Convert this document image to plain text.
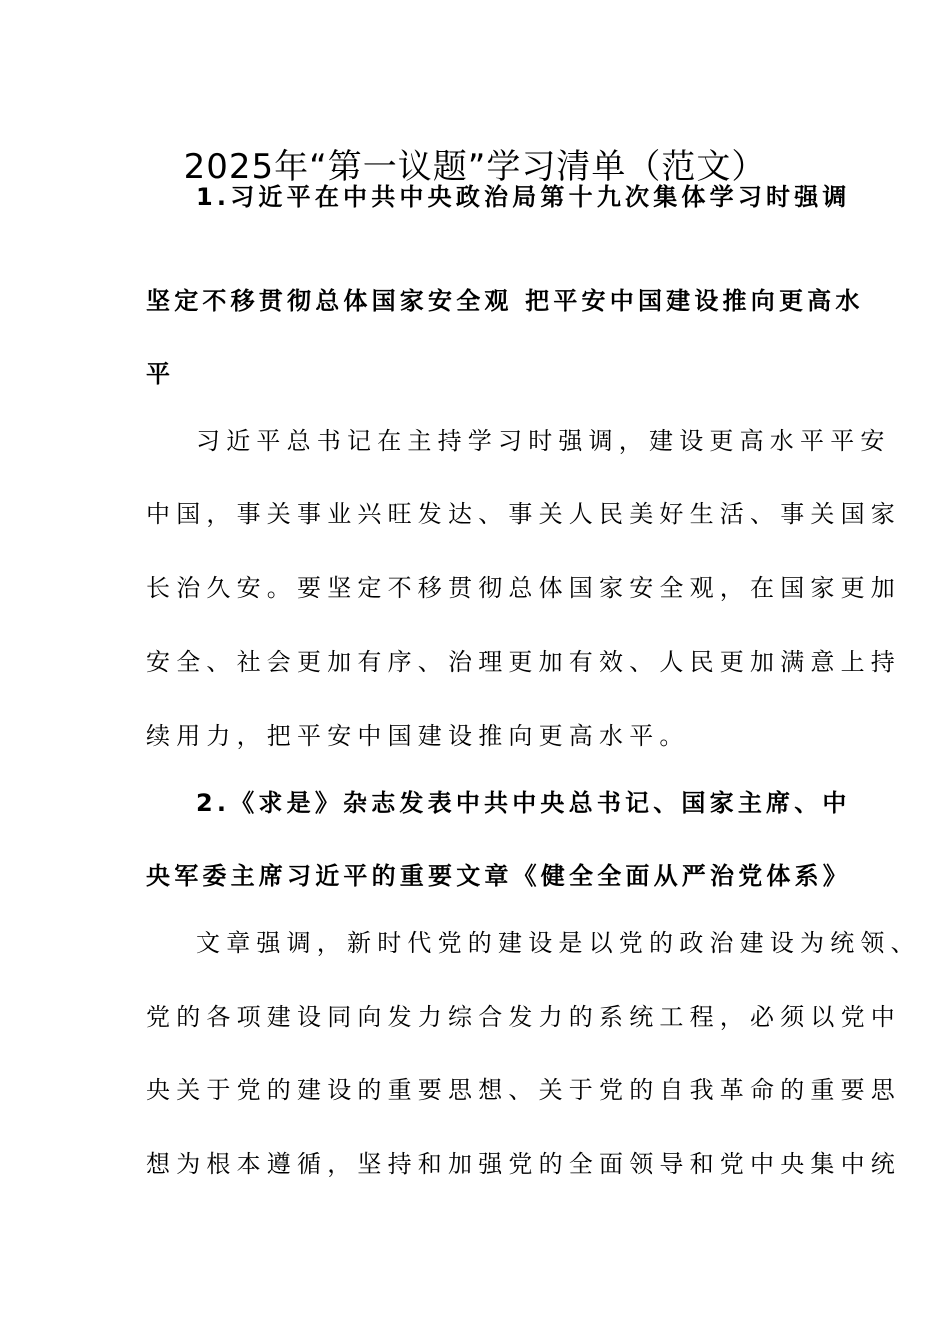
2025年“第一议题”学习清单（范文）
1.习近平在中共中央政治局第十九次集体学习时强调
坚定不移贯彻总体国家安全观 把平安中国建设推向更高水
平
习近平总书记在主持学习时强调，建设更高水平平安
中国，事关事业兴旺发达、事关人民美好生活、事关国家
长治久安。要坚定不移贯彻总体国家安全观，在国家更加
安全、社会更加有序、治理更加有效、人民更加满意上持
续用力，把平安中国建设推向更高水平。
2.《求是》杂志发表中共中央总书记、国家主席、中
央军委主席习近平的重要文章《健全全面从严治党体系》
文章强调，新时代党的建设是以党的政治建设为统领、
党的各项建设同向发力综合发力的系统工程，必须以党中
央关于党的建设的重要思想、关于党的自我革命的重要思
想为根本遵循，坚持和加强党的全面领导和党中央集中统
